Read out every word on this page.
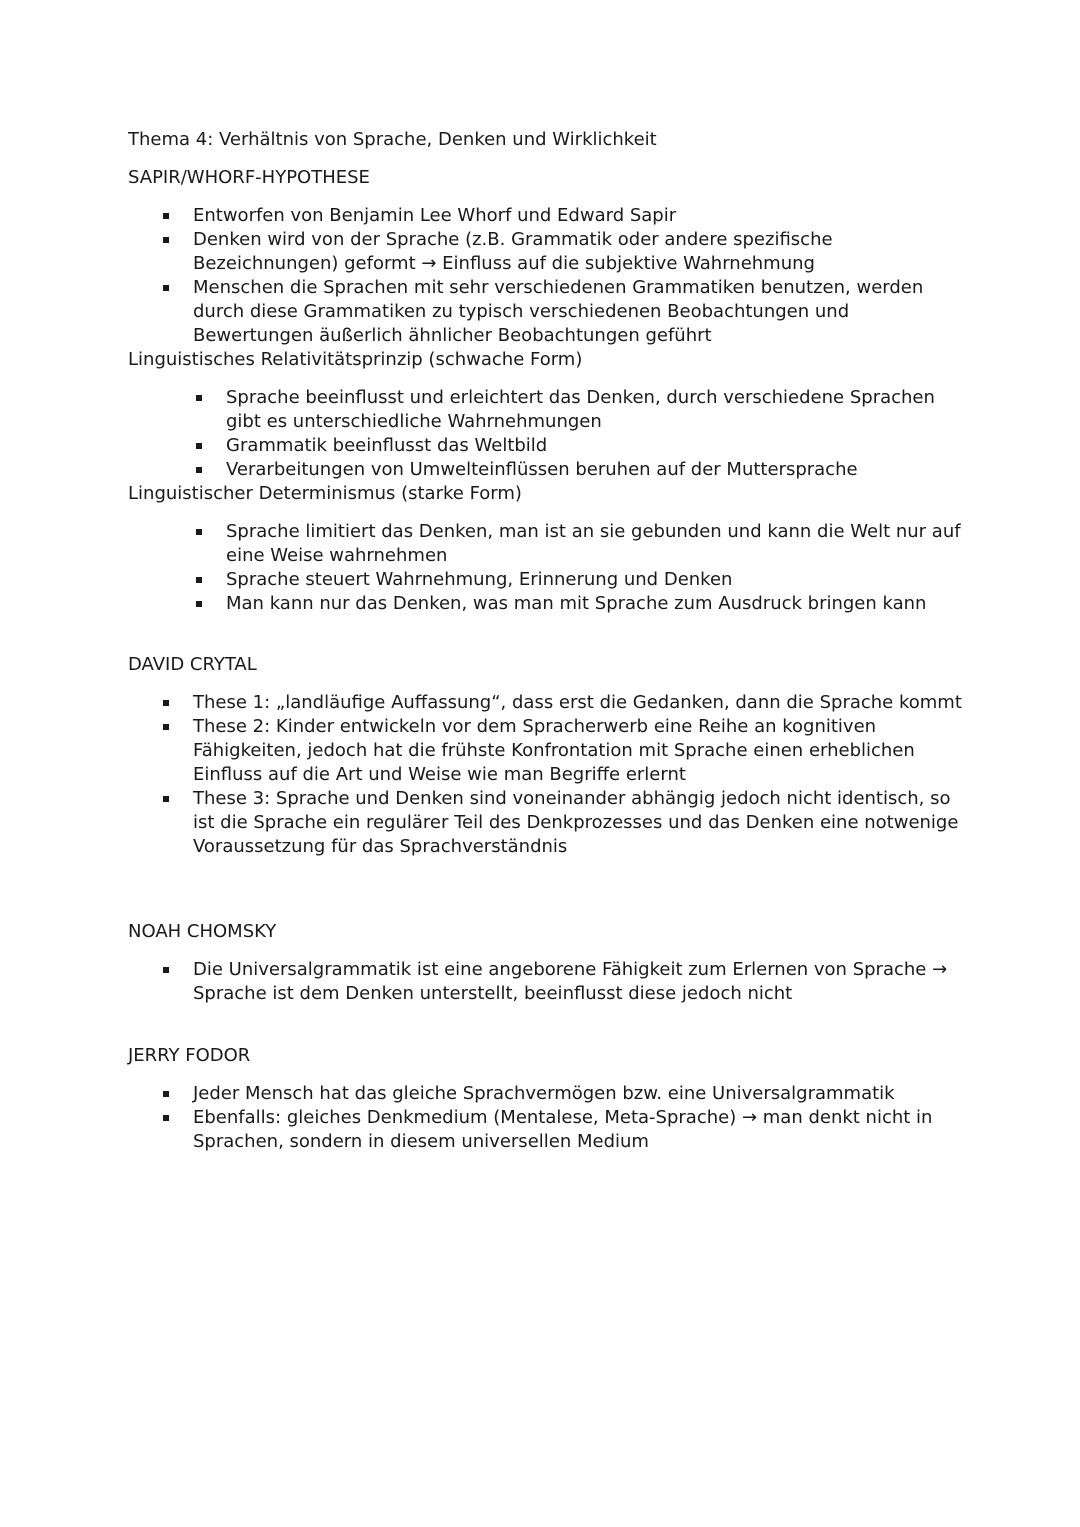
Thema 4: Verhältnis von Sprache, Denken und Wirklichkeit
SAPIR/WHORF-HYPOTHESE
Entworfen von Benjamin Lee Whorf und Edward Sapir
Denken wird von der Sprache (z.B. Grammatik oder andere spezifische Bezeichnungen) geformt → Einfluss auf die subjektive Wahrnehmung
Menschen die Sprachen mit sehr verschiedenen Grammatiken benutzen, werden durch diese Grammatiken zu typisch verschiedenen Beobachtungen und Bewertungen äußerlich ähnlicher Beobachtungen geführt
Linguistisches Relativitätsprinzip (schwache Form)
Sprache beeinflusst und erleichtert das Denken, durch verschiedene Sprachen gibt es unterschiedliche Wahrnehmungen
Grammatik beeinflusst das Weltbild
Verarbeitungen von Umwelteinflüssen beruhen auf der Muttersprache
Linguistischer Determinismus (starke Form)
Sprache limitiert das Denken, man ist an sie gebunden und kann die Welt nur auf eine Weise wahrnehmen
Sprache steuert Wahrnehmung, Erinnerung und Denken
Man kann nur das Denken, was man mit Sprache zum Ausdruck bringen kann
DAVID CRYTAL
These 1: „landläufige Auffassung“, dass erst die Gedanken, dann die Sprache kommt
These 2: Kinder entwickeln vor dem Spracherwerb eine Reihe an kognitiven Fähigkeiten, jedoch hat die frühste Konfrontation mit Sprache einen erheblichen Einfluss auf die Art und Weise wie man Begriffe erlernt
These 3: Sprache und Denken sind voneinander abhängig jedoch nicht identisch, so ist die Sprache ein regulärer Teil des Denkprozesses und das Denken eine notwenige Voraussetzung für das Sprachverständnis
NOAH CHOMSKY
Die Universalgrammatik ist eine angeborene Fähigkeit zum Erlernen von Sprache → Sprache ist dem Denken unterstellt, beeinflusst diese jedoch nicht
JERRY FODOR
Jeder Mensch hat das gleiche Sprachvermögen bzw. eine Universalgrammatik
Ebenfalls: gleiches Denkmedium (Mentalese, Meta-Sprache) → man denkt nicht in Sprachen, sondern in diesem universellen Medium
